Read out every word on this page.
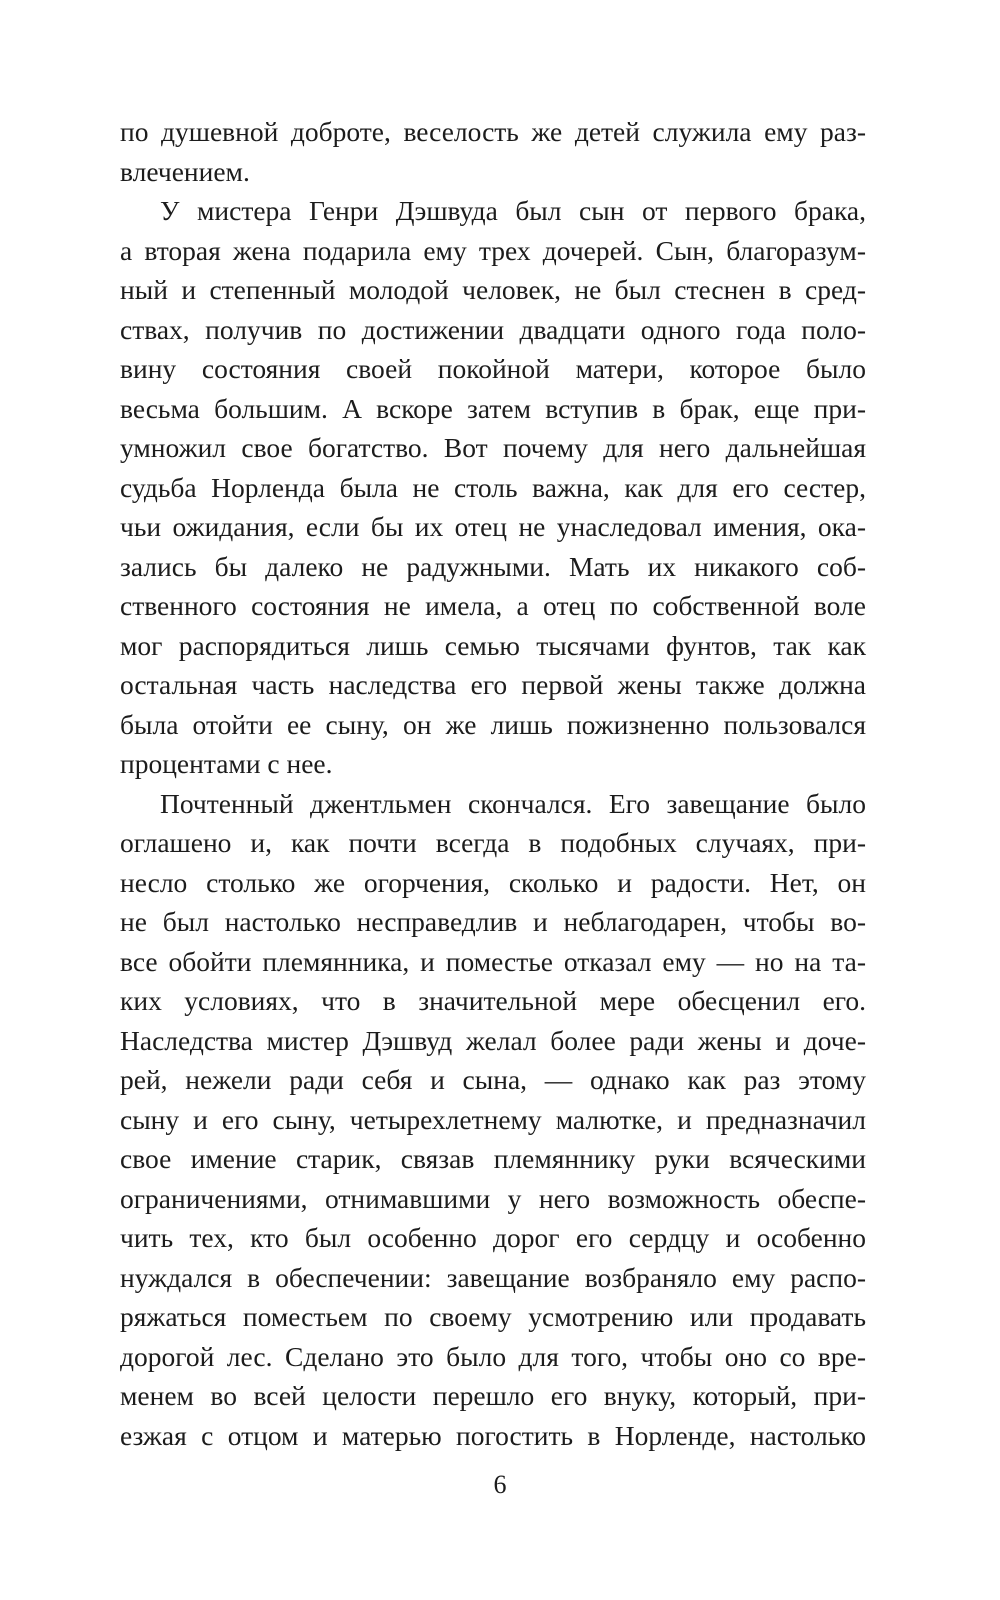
по душевной доброте, веселость же детей служила ему раз-
влечением.
У мистера Генри Дэшвуда был сын от первого брака,
а вторая жена подарила ему трех дочерей. Сын, благоразум-
ный и степенный молодой человек, не был стеснен в сред-
ствах, получив по достижении двадцати одного года поло-
вину состояния своей покойной матери, которое было
весьма большим. А вскоре затем вступив в брак, еще при-
умножил свое богатство. Вот почему для него дальнейшая
судьба Норленда была не столь важна, как для его сестер,
чьи ожидания, если бы их отец не унаследовал имения, ока-
зались бы далеко не радужными. Мать их никакого соб-
ственного состояния не имела, а отец по собственной воле
мог распорядиться лишь семью тысячами фунтов, так как
остальная часть наследства его первой жены также должна
была отойти ее сыну, он же лишь пожизненно пользовался
процентами с нее.
Почтенный джентльмен скончался. Его завещание было
оглашено и, как почти всегда в подобных случаях, при-
несло столько же огорчения, сколько и радости. Нет, он
не был настолько несправедлив и неблагодарен, чтобы во-
все обойти племянника, и поместье отказал ему — но на та-
ких условиях, что в значительной мере обесценил его.
Наследства мистер Дэшвуд желал более ради жены и доче-
рей, нежели ради себя и сына, — однако как раз этому
сыну и его сыну, четырехлетнему малютке, и предназначил
свое имение старик, связав племяннику руки всяческими
ограничениями, отнимавшими у него возможность обеспе-
чить тех, кто был особенно дорог его сердцу и особенно
нуждался в обеспечении: завещание возбраняло ему распо-
ряжаться поместьем по своему усмотрению или продавать
дорогой лес. Сделано это было для того, чтобы оно со вре-
менем во всей целости перешло его внуку, который, при-
езжая с отцом и матерью погостить в Норленде, настолько
6
